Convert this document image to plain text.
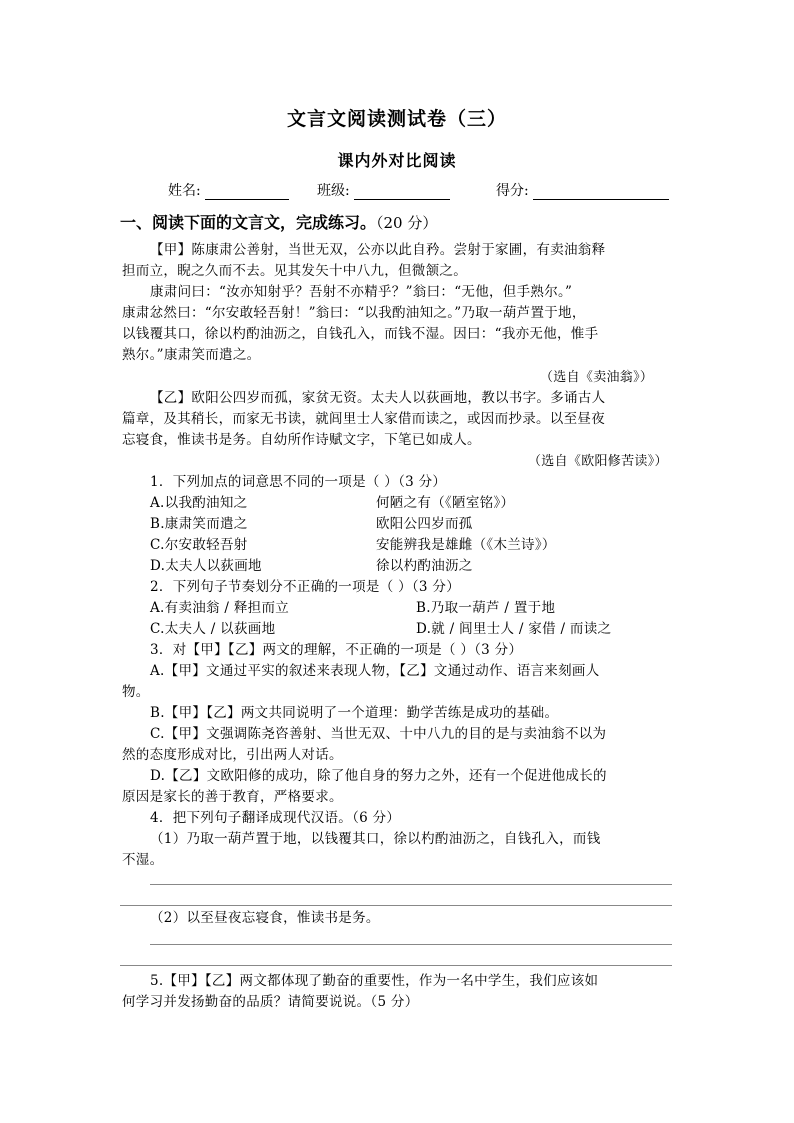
文言文阅读测试卷（三）
课内外对比阅读
姓名:	班级:	得分:
一、阅读下面的文言文，完成练习。（20 分）
【甲】陈康肃公善射，当世无双，公亦以此自矜。尝射于家圃，有卖油翁释
担而立，睨之久而不去。见其发矢十中八九，但微颔之。
康肃问曰：“汝亦知射乎？吾射不亦精乎？”翁曰：“无他，但手熟尔。”
康肃忿然曰：“尔安敢轻吾射！”翁曰：“以我酌油知之。”乃取一葫芦置于地，
以钱覆其口，徐以杓酌油沥之，自钱孔入，而钱不湿。因曰：“我亦无他，惟手
熟尔。”康肃笑而遣之。
（选自《卖油翁》）
【乙】欧阳公四岁而孤，家贫无资。太夫人以荻画地，教以书字。多诵古人
篇章，及其稍长，而家无书读，就闾里士人家借而读之，或因而抄录。以至昼夜
忘寝食，惟读书是务。自幼所作诗赋文字，下笔已如成人。
（选自《欧阳修苦读》）
1．下列加点的词意思不同的一项是（ ）（3 分）
A.以我酌油知之	何陋之有（《陋室铭》）
B.康肃笑而遣之	欧阳公四岁而孤
C.尔安敢轻吾射	安能辨我是雄雌（《木兰诗》）
D.太夫人以荻画地	徐以杓酌油沥之
2．下列句子节奏划分不正确的一项是（ ）（3 分）
A.有卖油翁 / 释担而立	B.乃取一葫芦 / 置于地
C.太夫人 / 以荻画地	D.就 / 闾里士人 / 家借 / 而读之
3．对【甲】【乙】两文的理解，不正确的一项是（ ）（3 分）
A.【甲】文通过平实的叙述来表现人物，【乙】文通过动作、语言来刻画人
物。
B.【甲】【乙】两文共同说明了一个道理：勤学苦练是成功的基础。
C.【甲】文强调陈尧咨善射、当世无双、十中八九的目的是与卖油翁不以为
然的态度形成对比，引出两人对话。
D.【乙】文欧阳修的成功，除了他自身的努力之外，还有一个促进他成长的
原因是家长的善于教育，严格要求。
4．把下列句子翻译成现代汉语。（6 分）
（1）乃取一葫芦置于地，以钱覆其口，徐以杓酌油沥之，自钱孔入，而钱
不湿。
（2）以至昼夜忘寝食，惟读书是务。
5.【甲】【乙】两文都体现了勤奋的重要性，作为一名中学生，我们应该如
何学习并发扬勤奋的品质？请简要说说。（5 分）
